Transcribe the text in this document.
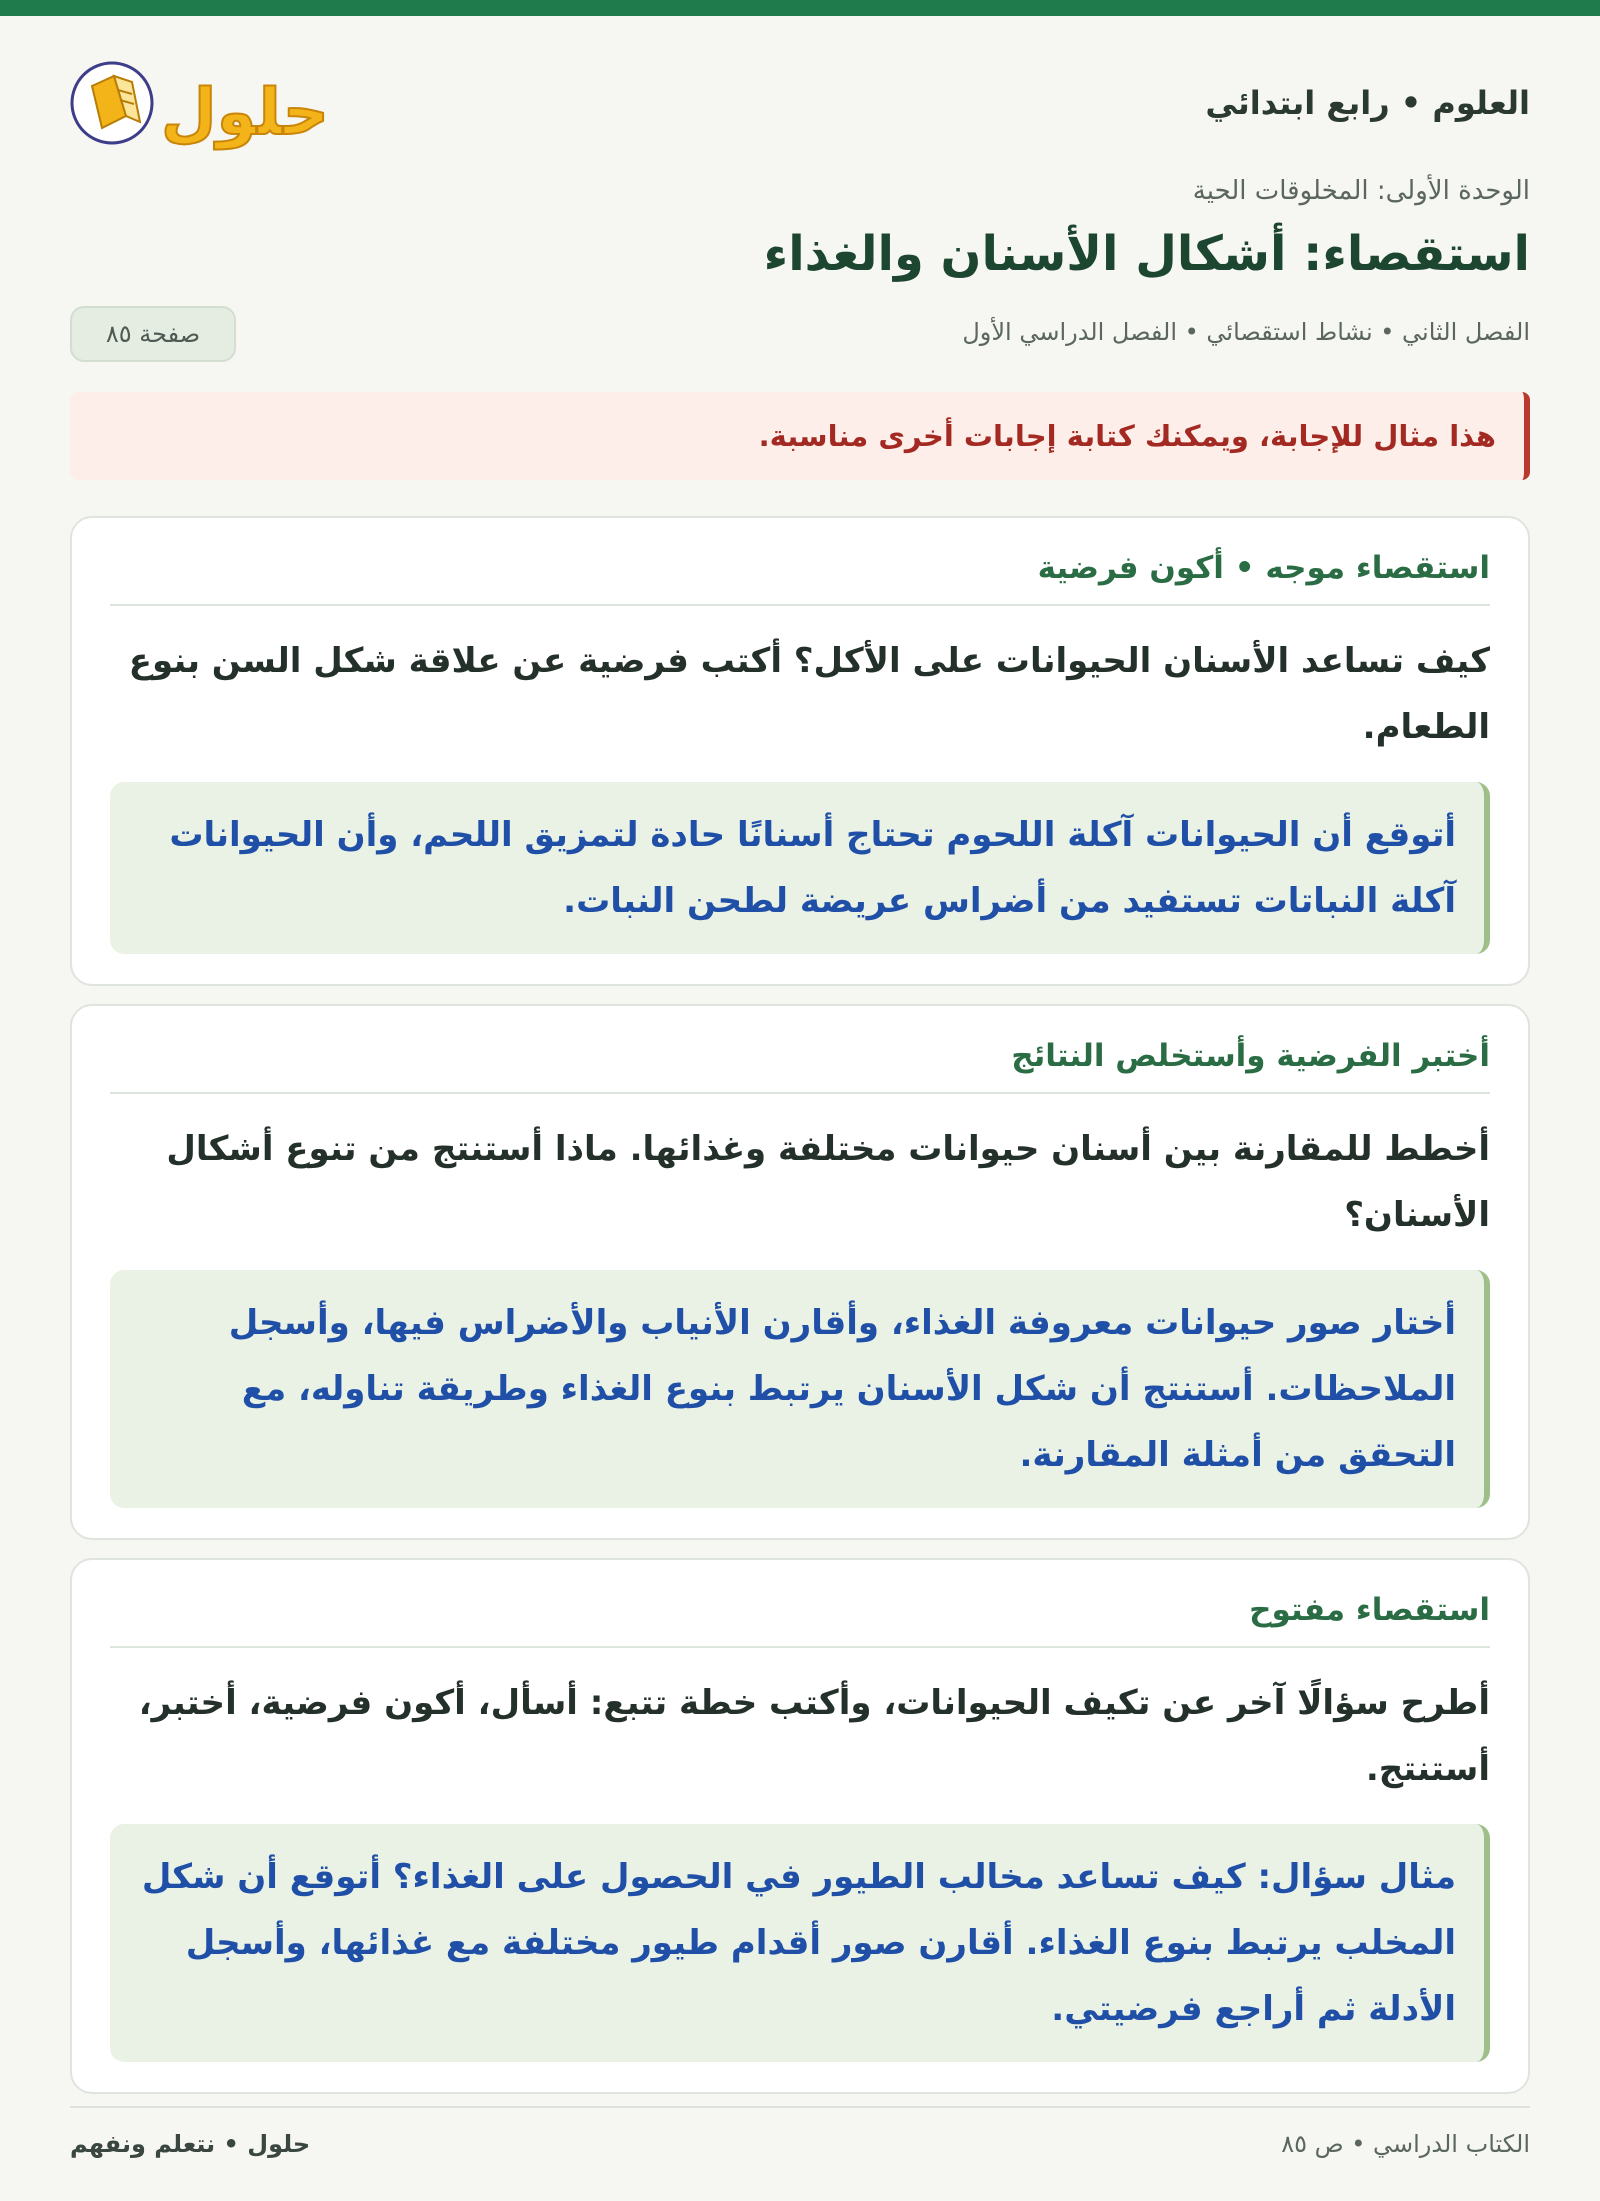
العلوم • رابع ابتدائي
حلول
الوحدة الأولى: المخلوقات الحية
استقصاء: أشكال الأسنان والغذاء
الفصل الثاني • نشاط استقصائي • الفصل الدراسي الأول
صفحة ٨٥
هذا مثال للإجابة، ويمكنك كتابة إجابات أخرى مناسبة.
استقصاء موجه • أكون فرضية
كيف تساعد الأسنان الحيوانات على الأكل؟ أكتب فرضية عن علاقة شكل السن بنوع الطعام.
أتوقع أن الحيوانات آكلة اللحوم تحتاج أسنانًا حادة لتمزيق اللحم، وأن الحيوانات آكلة النباتات تستفيد من أضراس عريضة لطحن النبات.
أختبر الفرضية وأستخلص النتائج
أخطط للمقارنة بين أسنان حيوانات مختلفة وغذائها. ماذا أستنتج من تنوع أشكال الأسنان؟
أختار صور حيوانات معروفة الغذاء، وأقارن الأنياب والأضراس فيها، وأسجل الملاحظات. أستنتج أن شكل الأسنان يرتبط بنوع الغذاء وطريقة تناوله، مع التحقق من أمثلة المقارنة.
استقصاء مفتوح
أطرح سؤالًا آخر عن تكيف الحيوانات، وأكتب خطة تتبع: أسأل، أكون فرضية، أختبر، أستنتج.
مثال سؤال: كيف تساعد مخالب الطيور في الحصول على الغذاء؟ أتوقع أن شكل المخلب يرتبط بنوع الغذاء. أقارن صور أقدام طيور مختلفة مع غذائها، وأسجل الأدلة ثم أراجع فرضيتي.
الكتاب الدراسي • ص ٨٥
حلول • نتعلم ونفهم
